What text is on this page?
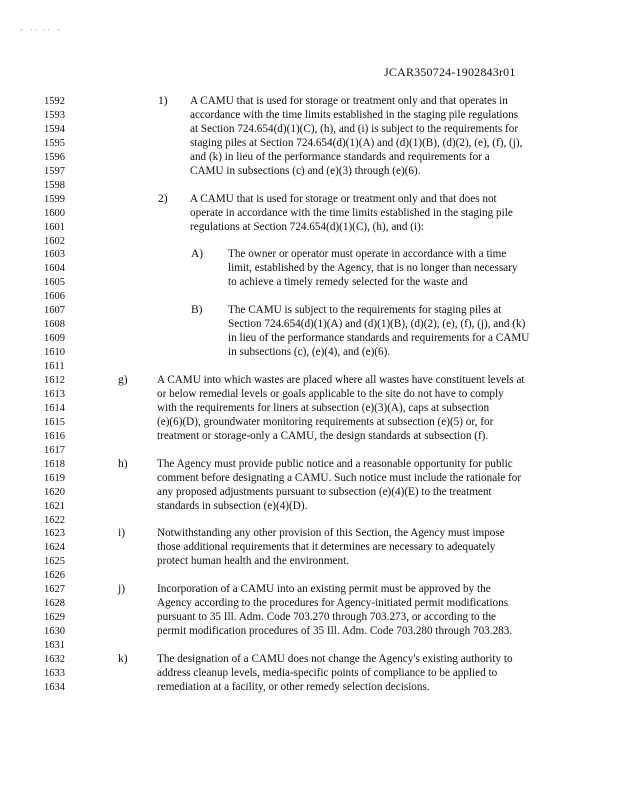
" '' '' "
JCAR350724-1902843r01
1592
1593
1594
1595
1596
1597
1598
1599
1600
1601
1602
1603
1604
1605
1606
1607
1608
1609
1610
1611
1612
1613
1614
1615
1616
1617
1618
1619
1620
1621
1622
1623
1624
1625
1626
1627
1628
1629
1630
1631
1632
1633
1634
1) A CAMU that is used for storage or treatment only and that operates in
accordance with the time limits established in the staging pile regulations
at Section 724.654(d)(1)(C), (h), and (i) is subject to the requirements for
staging piles at Section 724.654(d)(1)(A) and (d)(1)(B), (d)(2), (e), (f), (j),
and (k) in lieu of the performance standards and requirements for a
CAMU in subsections (c) and (e)(3) through (e)(6).
2) A CAMU that is used for storage or treatment only and that does not
operate in accordance with the time limits established in the staging pile
regulations at Section 724.654(d)(1)(C), (h), and (i):
A) The owner or operator must operate in accordance with a time
limit, established by the Agency, that is no longer than necessary
to achieve a timely remedy selected for the waste and
B) The CAMU is subject to the requirements for staging piles at
Section 724.654(d)(1)(A) and (d)(1)(B), (d)(2), (e), (f), (j), and (k)
in lieu of the performance standards and requirements for a CAMU
in subsections (c), (e)(4), and (e)(6).
g)	A CAMU into which wastes are placed where all wastes have constituent levels at
or below remedial levels or goals applicable to the site do not have to comply
with the requirements for liners at subsection (e)(3)(A), caps at subsection
(e)(6)(D), groundwater monitoring requirements at subsection (e)(5) or, for
treatment or storage-only a CAMU, the design standards at subsection (f).
h)	The Agency must provide public notice and a reasonable opportunity for public
comment before designating a CAMU. Such notice must include the rationale for
any proposed adjustments pursuant to subsection (e)(4)(E) to the treatment
standards in subsection (e)(4)(D).
i)	Notwithstanding any other provision of this Section, the Agency must impose
those additional requirements that it determines are necessary to adequately
protect human health and the environment.
j)	Incorporation of a CAMU into an existing permit must be approved by the
Agency according to the procedures for Agency-initiated permit modifications
pursuant to 35 Ill. Adm. Code 703.270 through 703.273, or according to the
permit modification procedures of 35 Ill. Adm. Code 703.280 through 703.283.
k)	The designation of a CAMU does not change the Agency's existing authority to
address cleanup levels, media-specific points of compliance to be applied to
remediation at a facility, or other remedy selection decisions.
